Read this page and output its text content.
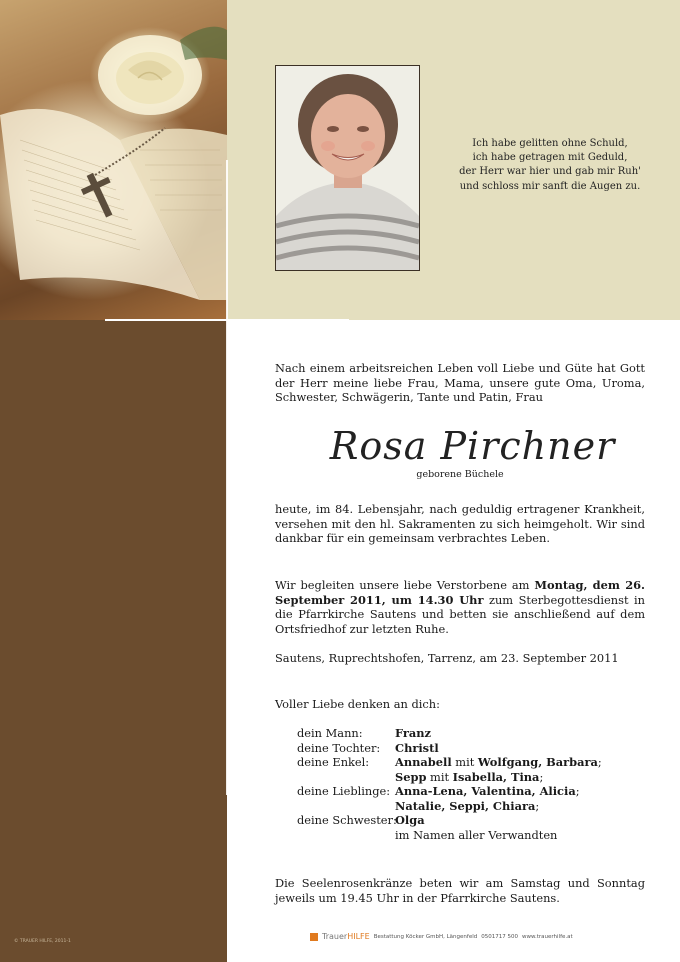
Ich habe gelitten ohne Schuld,
ich habe getragen mit Geduld,
der Herr war hier und gab mir Ruh'
und schloss mir sanft die Augen zu.
Nach einem arbeitsreichen Leben voll Liebe und Güte hat Gott der Herr meine liebe Frau, Mama, unsere gute Oma, Uroma, Schwester, Schwägerin, Tante und Patin, Frau
Rosa Pirchner
geborene Büchele
heute, im 84. Lebensjahr, nach geduldig ertragener Krankheit, versehen mit den hl. Sakramenten zu sich heimgeholt. Wir sind dankbar für ein gemeinsam verbrachtes Leben.
Wir begleiten unsere liebe Verstorbene am Montag, dem 26. September 2011, um 14.30 Uhr zum Sterbegottesdienst in die Pfarrkirche Sautens und betten sie anschließend auf dem Ortsfriedhof zur letzten Ruhe.
Sautens, Ruprechtshofen, Tarrenz, am 23. September 2011
Voller Liebe denken an dich:
dein Mann:	Franz
deine Tochter:	Christl
deine Enkel:	Annabell mit Wolfgang, Barbara;
Sepp mit Isabella, Tina;
deine Lieblinge: Anna-Lena, Valentina, Alicia;
Natalie, Seppi, Chiara;
deine Schwester:
Olga
im Namen aller Verwandten
Die Seelenrosenkränze beten wir am Samstag und Sonntag jeweils um 19.45 Uhr in der Pfarrkirche Sautens.
TrauerHILFE Bestattung Köcker GmbH, Längenfeld 0501717 500 www.trauerhilfe.at
© TRAUER HILFE, 2011-1
